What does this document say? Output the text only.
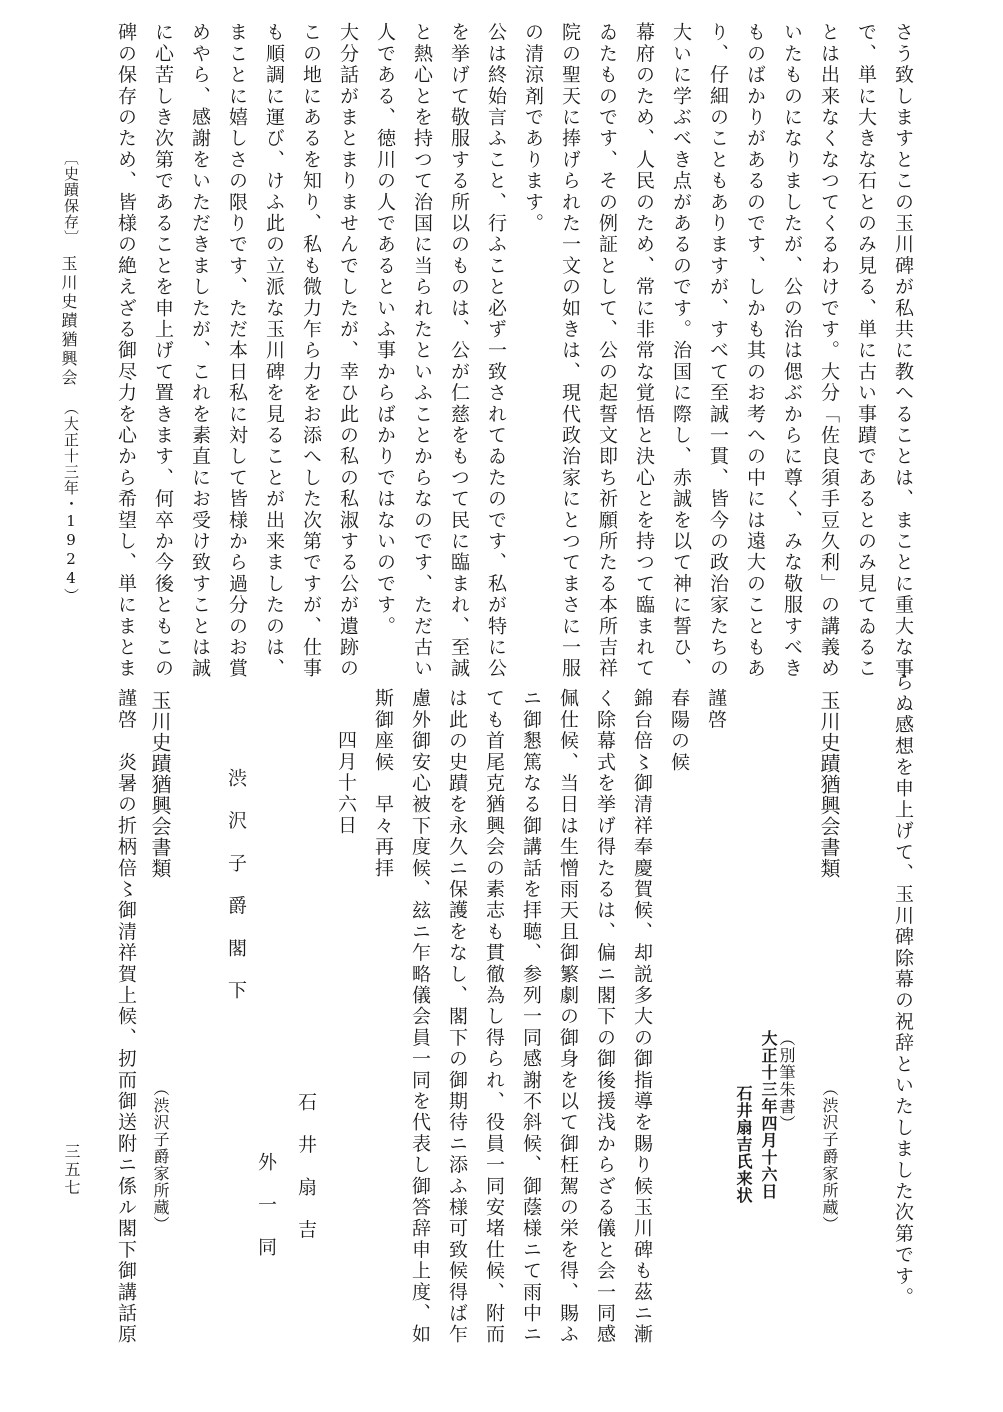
さう致しますとこの玉川碑が私共に教へることは、まことに重大な事
で、単に大きな石とのみ見る、単に古い事蹟であるとのみ見てゐるこ
とは出来なくなつてくるわけです。大分「佐良須手豆久利」の講義め
いたものになりましたが、公の治は偲ぶからに尊く、みな敬服すべき
ものばかりがあるのです、しかも其のお考への中には遠大のこともあ
り、仔細のこともありますが、すべて至誠一貫、皆今の政治家たちの
大いに学ぶべき点があるのです。治国に際し、赤誠を以て神に誓ひ、
幕府のため、人民のため、常に非常な覚悟と決心とを持つて臨まれて
ゐたものです、その例証として、公の起誓文即ち祈願所たる本所吉祥
院の聖天に捧げられた一文の如きは、現代政治家にとつてまさに一服
の清涼剤であります。
公は終始言ふこと、行ふこと必ず一致されてゐたのです、私が特に公
を挙げて敬服する所以のものは、公が仁慈をもつて民に臨まれ、至誠
と熱心とを持つて治国に当られたといふことからなのです、ただ古い
人である、徳川の人であるといふ事からばかりではないのです。
大分話がまとまりませんでしたが、幸ひ此の私の私淑する公が遺跡の
この地にあるを知り、私も微力乍ら力をお添へした次第ですが、仕事
も順調に運び、けふ此の立派な玉川碑を見ることが出来ましたのは、
まことに嬉しさの限りです、ただ本日私に対して皆様から過分のお賞
めやら、感謝をいただきましたが、これを素直にお受け致すことは誠
に心苦しき次第であることを申上げて置きます、何卒か今後ともこの
碑の保存のため、皆様の絶えざる御尽力を心から希望し、単にまとま
〔史蹟保存〕
玉川史蹟猶興会
（大正十三年・1924）
らぬ感想を申上げて、玉川碑除幕の祝辞といたしました次第です。
玉川史蹟猶興会書類
（渋沢子爵家所蔵）
（別筆朱書）
大正十三年四月十六日
石井扇吉氏来状
謹啓
春陽の候
錦台倍〻御清祥奉慶賀候、却説多大の御指導を賜り候玉川碑も茲ニ漸
く除幕式を挙げ得たるは、偏ニ閣下の御後援浅からざる儀と会一同感
佩仕候、当日は生憎雨天且御繁劇の御身を以て御枉駕の栄を得、賜ふ
ニ御懇篤なる御講話を拝聴、参列一同感謝不斜候、御蔭様ニて雨中ニ
ても首尾克猶興会の素志も貫徹為し得られ、役員一同安堵仕候、附而
は此の史蹟を永久ニ保護をなし、閣下の御期待ニ添ふ様可致候得ば乍
慮外御安心被下度候、玆ニ乍略儀会員一同を代表し御答辞申上度、如
斯御座候　早々再拝
四月十六日
石　井　扇　吉
外　一　同
渋　沢　子　爵　閣　下
玉川史蹟猶興会書類
（渋沢子爵家所蔵）
謹啓　炎暑の折柄倍〻御清祥賀上候、扨而御送附ニ係ル閣下御講話原
三五七
